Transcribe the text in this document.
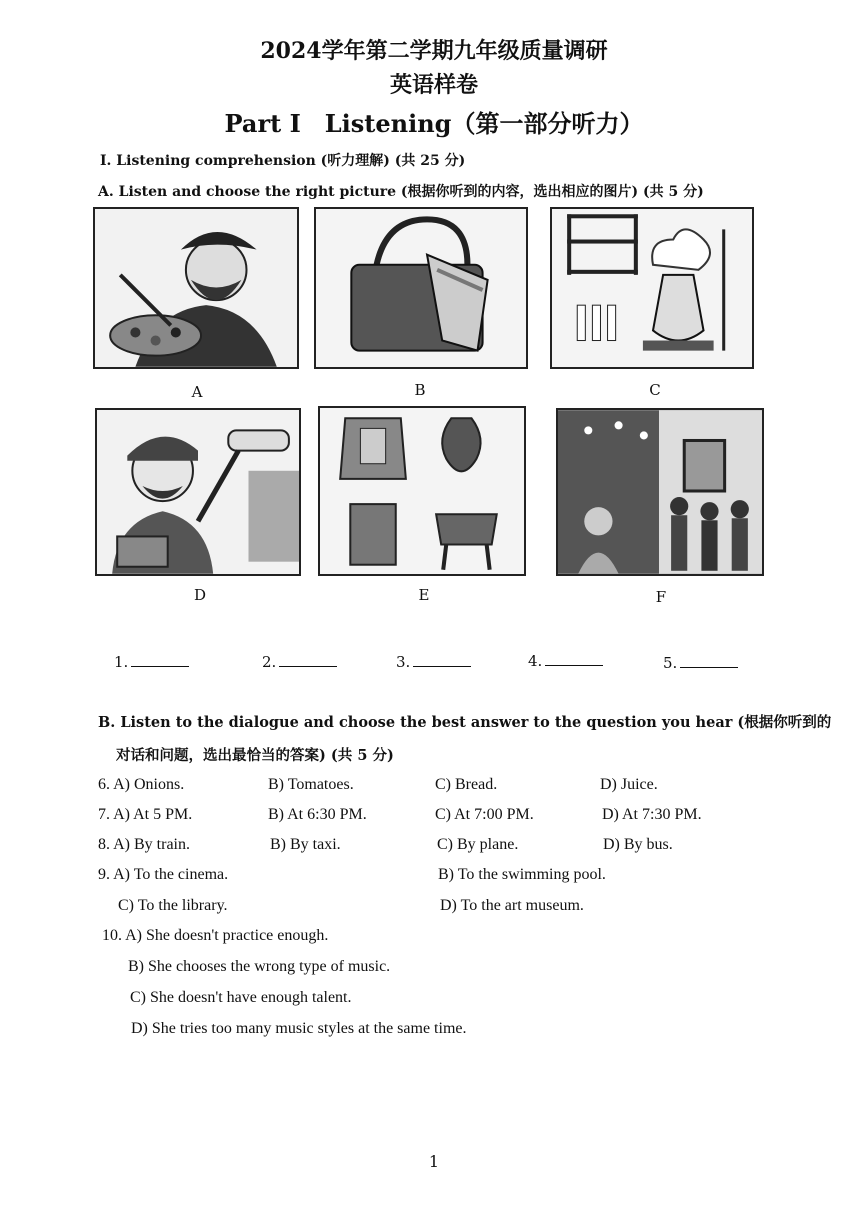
2024学年第二学期九年级质量调研
英语样卷
Part I　Listening（第一部分听力）
I. Listening comprehension (听力理解) (共 25 分)
A. Listen and choose the right picture (根据你听到的内容，选出相应的图片) (共 5 分)
A	B	C
D	E	F
1.	2.	3.	4.	5.
B. Listen to the dialogue and choose the best answer to the question you hear (根据你听到的
对话和问题，选出最恰当的答案) (共 5 分)
6. A) Onions.	B) Tomatoes.	C) Bread.	D) Juice.
7. A) At 5 PM.	B) At 6:30 PM.	C) At 7:00 PM.	D) At 7:30 PM.
8. A) By train.	B) By taxi.	C) By plane.	D) By bus.
9. A) To the cinema.	B) To the swimming pool.
C) To the library.	D) To the art museum.
10. A) She doesn't practice enough.
B) She chooses the wrong type of music.
C) She doesn't have enough talent.
D) She tries too many music styles at the same time.
1
